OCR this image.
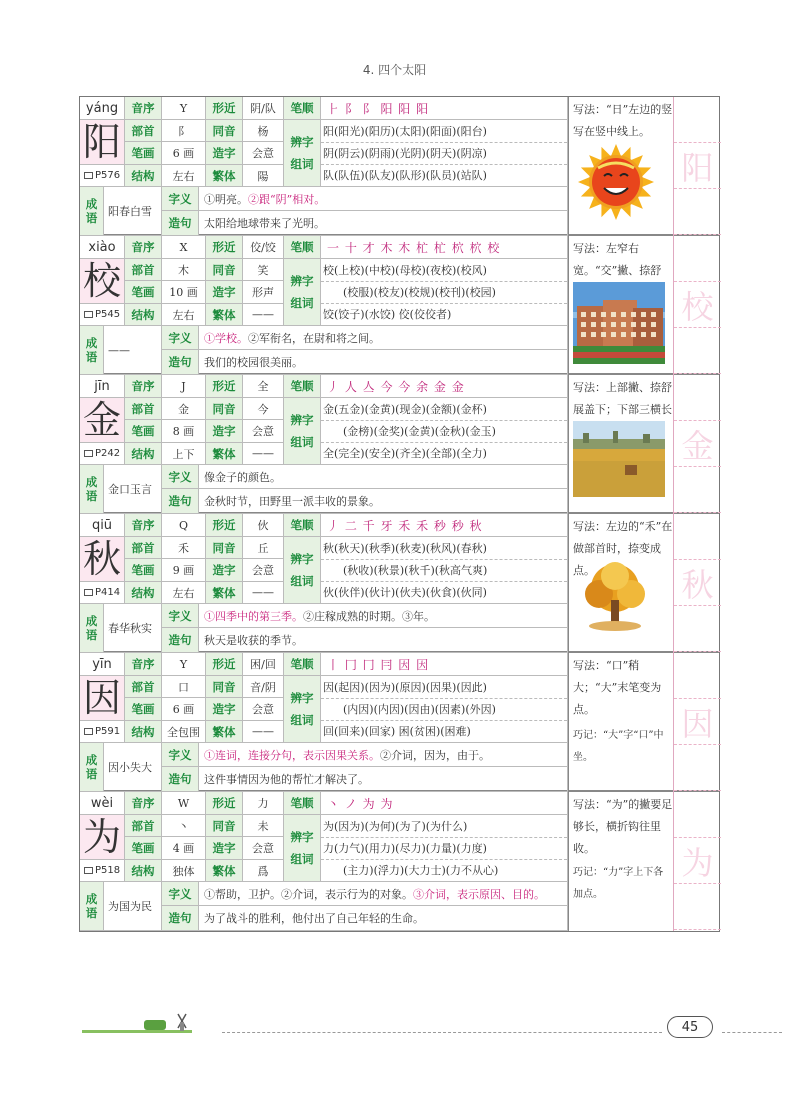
4. 四个太阳
yáng
阳
P576
音序	Y	形近	阴/队
部首	阝	同音	杨
笔画	6 画	造字	会意
结构	左右	繁体	陽
笔顺	⺊ 阝 阝 阳 阳 阳
辨字
组词
阳(阳光)(阳历)(太阳)(阳面)(阳台)
阴(阴云)(阴雨)(光阴)(阴天)(阴凉)
队(队伍)(队友)(队形)(队员)(站队)
成
语 阳春白雪
字义	①明亮。 ②跟“阴”相对。
造句	太阳给地球带来了光明。
写法：“日”左边的竖写在竖中线上。
阳
xiào
校
P545
音序	X	形近	佼/饺
部首	木	同音	笑
笔画	10 画	造字	形声
结构	左右	繁体	——
笔顺	一 十 才 木 木 杧 杧 柼 柼 校
辨字
组词
校(上校)(中校)(母校)(夜校)(校风)
(校服)(校友)(校规)(校刊)(校园)
饺(饺子)(水饺) 佼(佼佼者)
成
语 ——
字义	①学校。 ②军衔名，在尉和将之间。
造句	我们的校园很美丽。
写法：左窄右宽。“交”撇、捺舒
校
jīn
金
P242
音序	J	形近	全
部首	金	同音	今
笔画	8 画	造字	会意
结构	上下	繁体	——
笔顺	丿 人 亼 今 今 余 金 金
辨字
组词
金(五金)(金黄)(现金)(金额)(金杯)
(金榜)(金奖)(金黄)(金秋)(金玉)
全(完全)(安全)(齐全)(全部)(全力)
成
语 金口玉言
字义	像金子的颜色。
造句	金秋时节，田野里一派丰收的景象。
写法：上部撇、捺舒展盖下；下部三横长
金
qiū
秋
P414
音序	Q	形近	伙
部首	禾	同音	丘
笔画	9 画	造字	会意
结构	左右	繁体	——
笔顺	丿 二 千 牙 禾 禾 秒 秒 秋
辨字
组词
秋(秋天)(秋季)(秋麦)(秋风)(春秋)
(秋收)(秋景)(秋千)(秋高气爽)
伙(伙伴)(伙计)(伙夫)(伙食)(伙同)
成
语 春华秋实
字义	①四季中的第三季。 ②庄稼成熟的时期。③年。
造句	秋天是收获的季节。
写法：左边的“禾”在做部首时，捺变成点。	秋
yīn
因
P591
音序	Y	形近	困/回
部首	口	同音	音/阴
笔画	6 画	造字	会意
结构	全包围	繁体	——
笔顺	丨 冂 冂 冃 因 因
辨字
组词
因(起因)(因为)(原因)(因果)(因此)
(内因)(内因)(因由)(因素)(外因)
回(回来)(回家) 困(贫困)(困难)
成
语 因小失大
字义	①连词，连接分句，表示因果关系。 ②介词，因为，由于。
造句	这件事情因为他的帮忙才解决了。
写法：“口”稍大；“大”末笔变为点。
巧记：“大”字“口”中坐。
因
wèi
为
P518
音序	W	形近	力
部首	丶	同音	未
笔画	4 画	造字	会意
结构	独体	繁体	爲
笔顺	丶 ノ 为 为
辨字
组词
为(因为)(为何)(为了)(为什么)
力(力气)(用力)(尽力)(力量)(力度)
(主力)(浮力)(大力士)(力不从心)
成
语 为国为民
字义	①帮助，卫护。②介词，表示行为的对象。 ③介词，表示原因、目的。
造句	为了战斗的胜利，他付出了自己年轻的生命。
写法：“为”的撇要足够长，横折钩往里收。
巧记：“力”字上下各加点。
为
45
